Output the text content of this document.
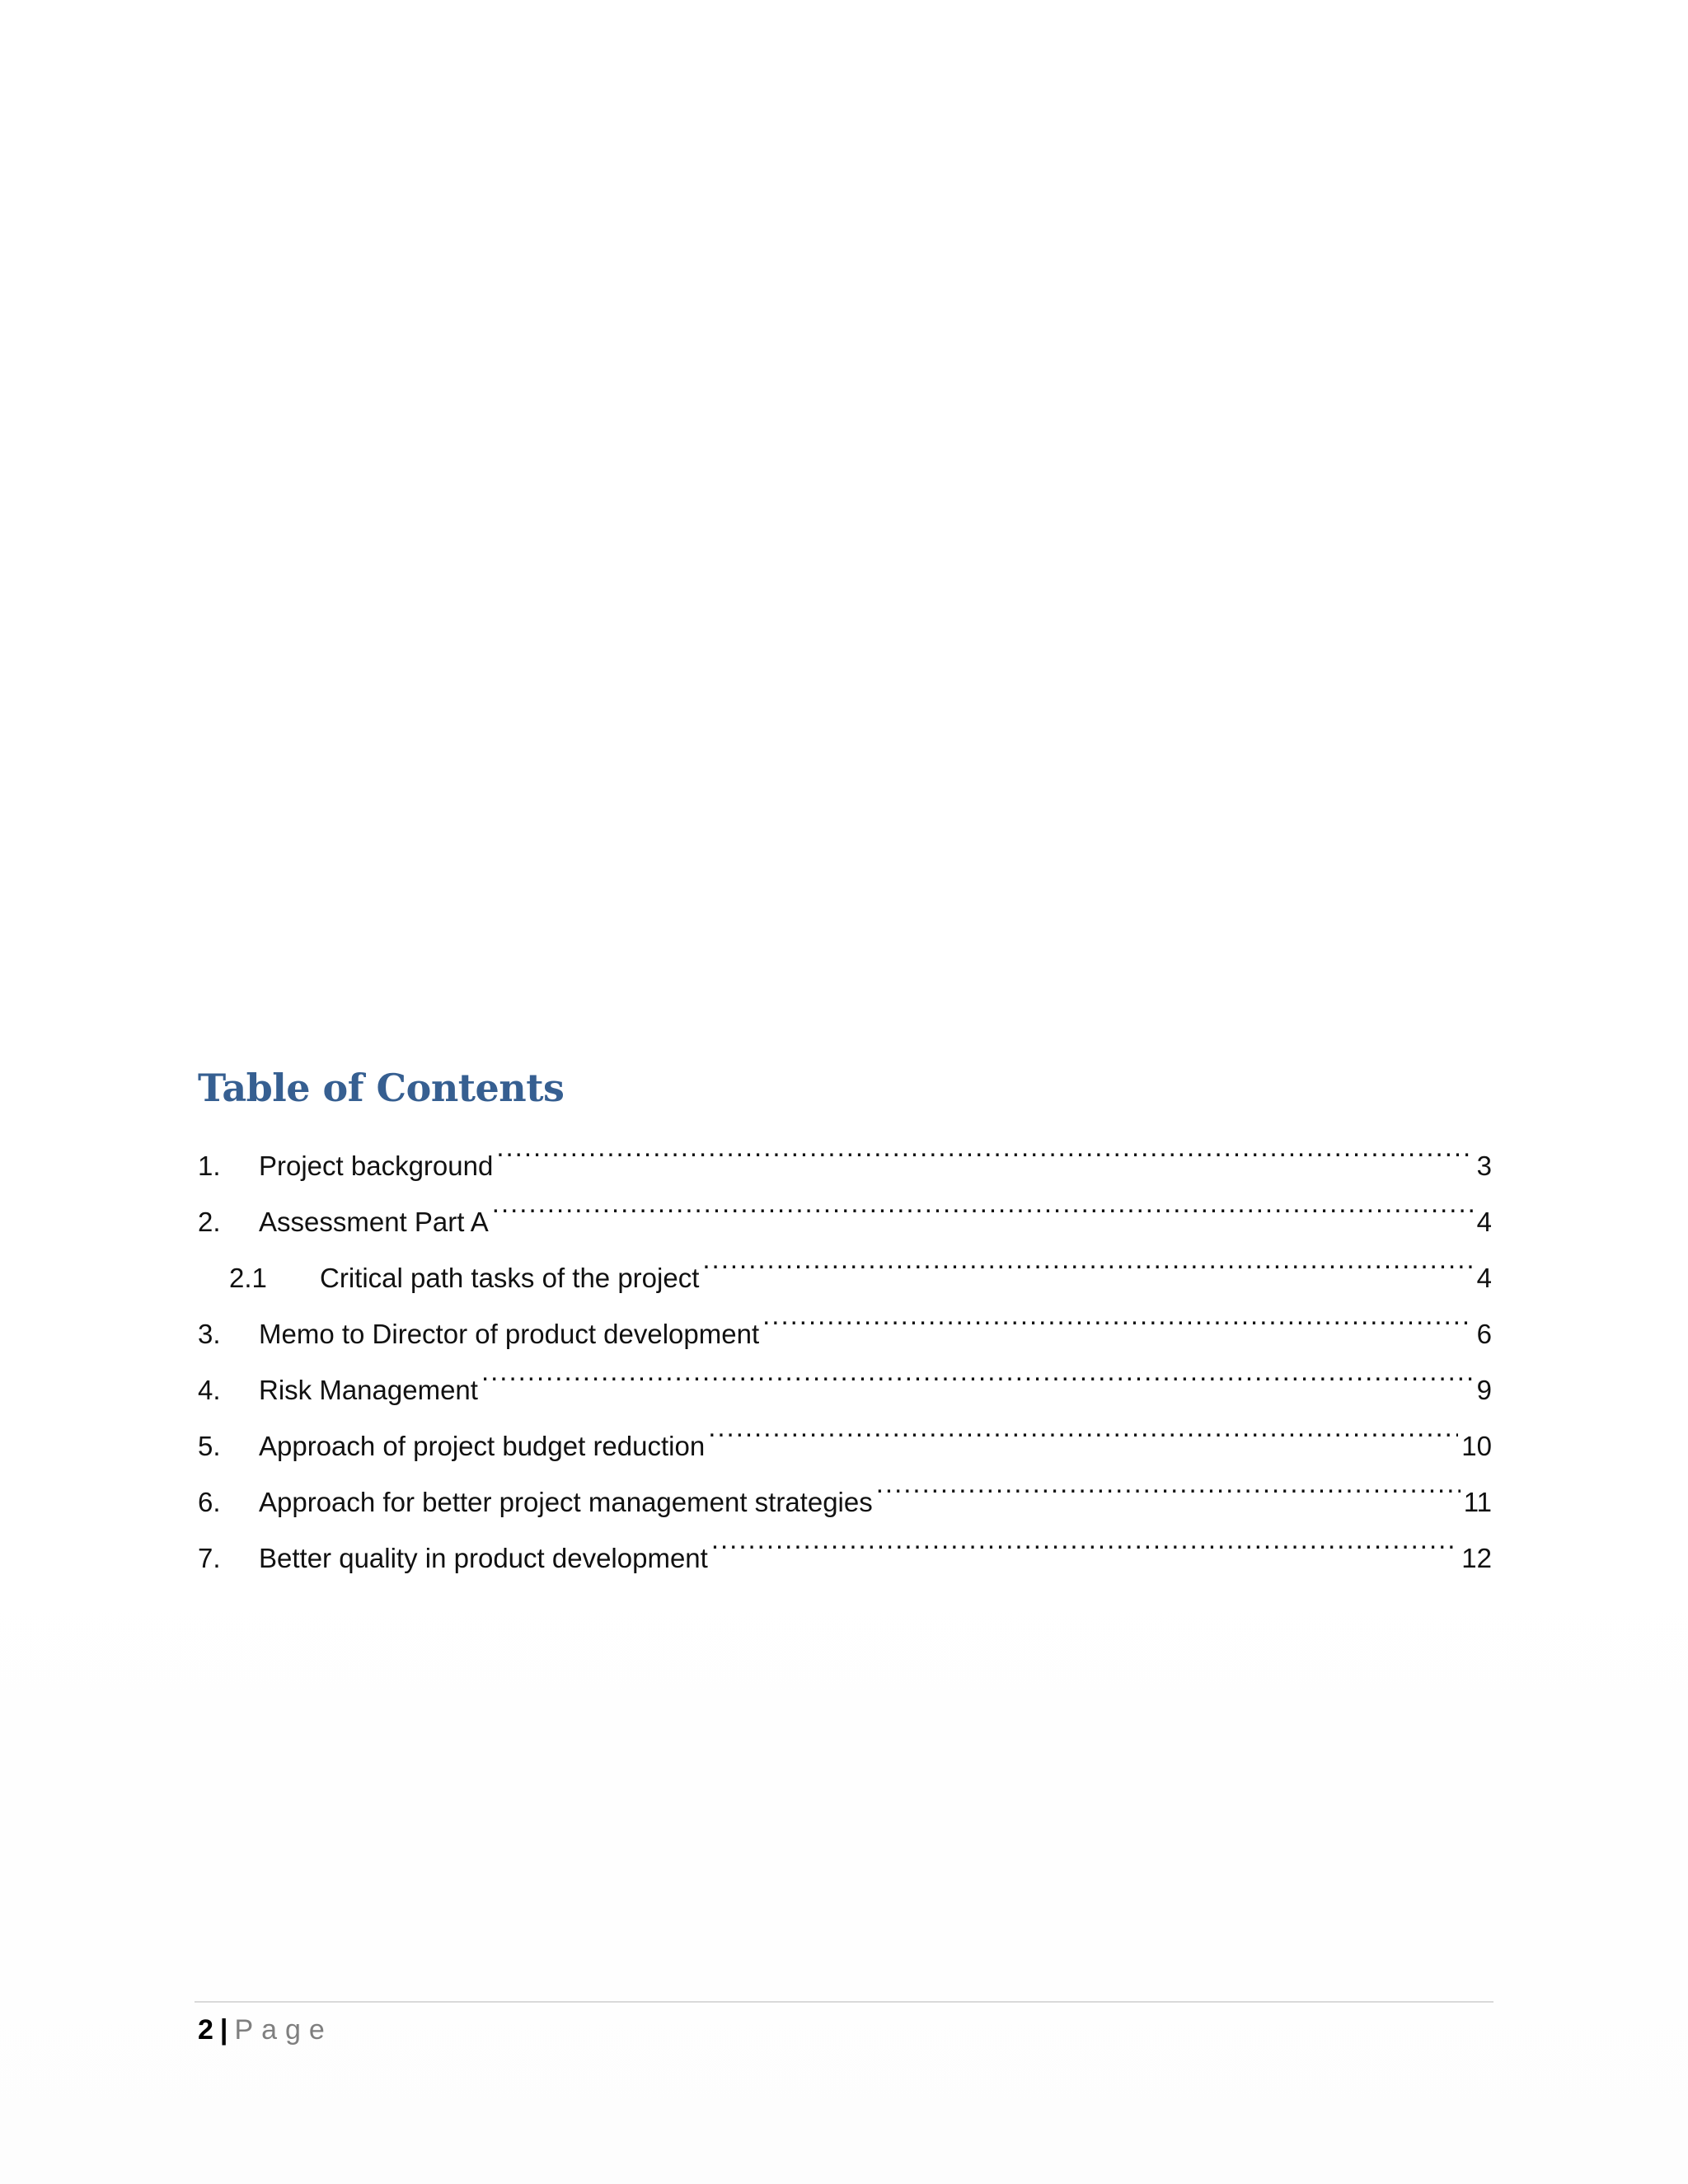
Table of Contents
1.	Project background .....	3
2.	Assessment Part A .....	4
2.1	Critical path tasks of the project .....	4
3.	Memo to Director of product development .....	6
4.	Risk Management .....	9
5.	Approach of project budget reduction .....	10
6.	Approach for better project management strategies .....	11
7.	Better quality in product development .....	12
2 | Page
